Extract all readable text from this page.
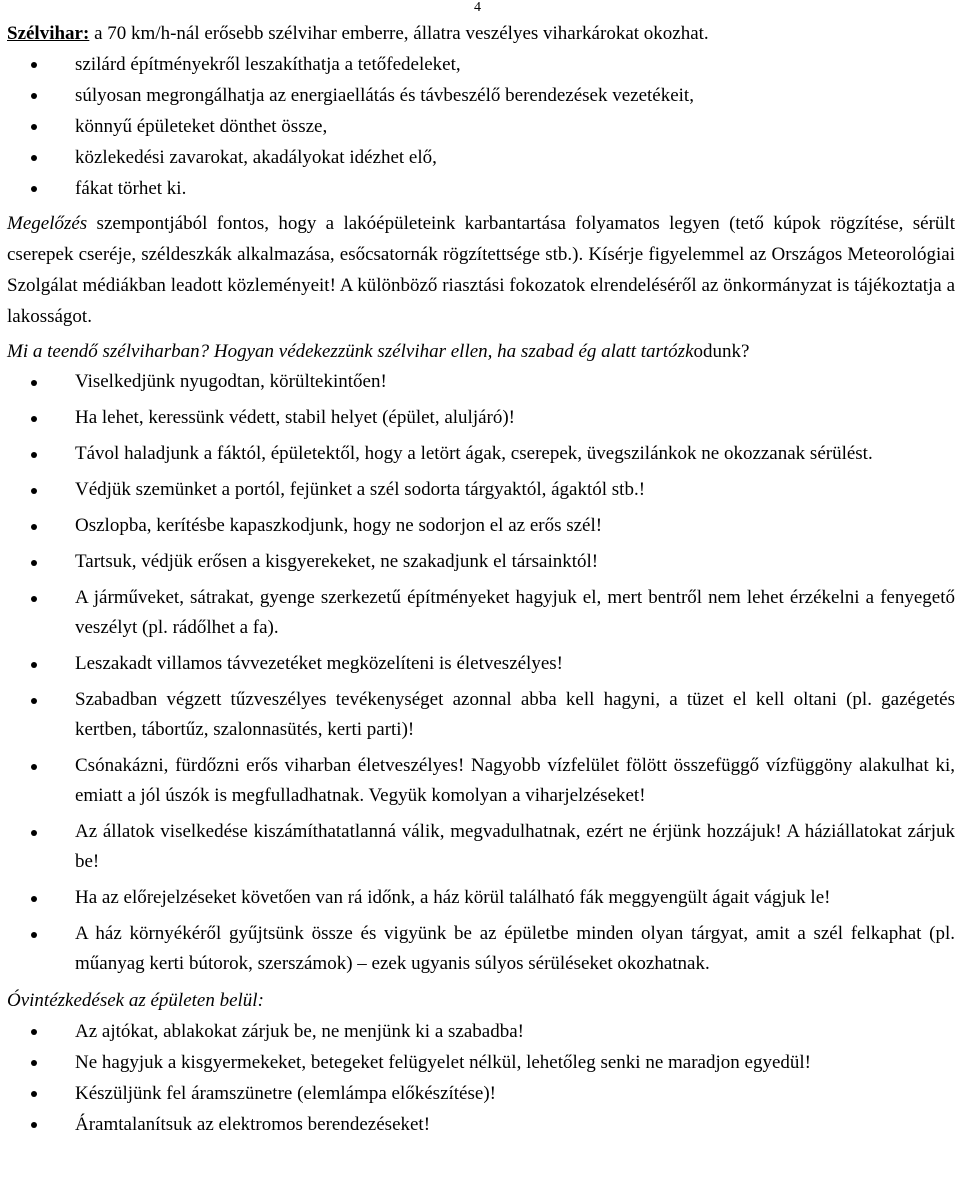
4

Szélvihar: a 70 km/h-nál erősebb szélvihar emberre, állatra veszélyes viharkárokat okozhat.

szilárd építményekről leszakíthatja a tetőfedeleket,
súlyosan megrongálhatja az energiaellátás és távbeszélő berendezések vezetékeit,
könnyű épületeket dönthet össze,
közlekedési zavarokat, akadályokat idézhet elő,
fákat törhet ki.

Megelőzés szempontjából fontos, hogy a lakóépületeink karbantartása folyamatos legyen (tető kúpok rögzítése, sérült cserepek cseréje, széldeszkák alkalmazása, esőcsatornák rögzítettsége stb.). Kísérje figyelemmel az Országos Meteorológiai Szolgálat médiákban leadott közleményeit! A különböző riasztási fokozatok elrendeléséről az önkormányzat is tájékoztatja a lakosságot.

Mi a teendő szélviharban? Hogyan védekezzünk szélvihar ellen, ha szabad ég alatt tartózkodunk?

Viselkedjünk nyugodtan, körültekintően!
Ha lehet, keressünk védett, stabil helyet (épület, aluljáró)!
Távol haladjunk a fáktól, épületektől, hogy a letört ágak, cserepek, üvegszilánkok ne okozzanak sérülést.
Védjük szemünket a portól, fejünket a szél sodorta tárgyaktól, ágaktól stb.!
Oszlopba, kerítésbe kapaszkodjunk, hogy ne sodorjon el az erős szél!
Tartsuk, védjük erősen a kisgyerekeket, ne szakadjunk el társainktól!
A járműveket, sátrakat, gyenge szerkezetű építményeket hagyjuk el, mert bentről nem lehet érzékelni a fenyegető veszélyt (pl. rádőlhet a fa).
Leszakadt villamos távvezetéket megközelíteni is életveszélyes!
Szabadban végzett tűzveszélyes tevékenységet azonnal abba kell hagyni, a tüzet el kell oltani (pl. gazégetés kertben, tábortűz, szalonnasütés, kerti parti)!
Csónakázni, fürdőzni erős viharban életveszélyes! Nagyobb vízfelület fölött összefüggő vízfüggöny alakulhat ki, emiatt a jól úszók is megfulladhatnak. Vegyük komolyan a viharjelzéseket!
Az állatok viselkedése kiszámíthatatlanná válik, megvadulhatnak, ezért ne érjünk hozzájuk! A háziállatokat zárjuk be!
Ha az előrejelzéseket követően van rá időnk, a ház körül található fák meggyengült ágait vágjuk le!
A ház környékéről gyűjtsünk össze és vigyünk be az épületbe minden olyan tárgyat, amit a szél felkaphat (pl. műanyag kerti bútorok, szerszámok) – ezek ugyanis súlyos sérüléseket okozhatnak.

Óvintézkedések az épületen belül:

Az ajtókat, ablakokat zárjuk be, ne menjünk ki a szabadba!
Ne hagyjuk a kisgyermekeket, betegeket felügyelet nélkül, lehetőleg senki ne maradjon egyedül!
Készüljünk fel áramszünetre (elemlámpa előkészítése)!
Áramtalanítsuk az elektromos berendezéseket!
